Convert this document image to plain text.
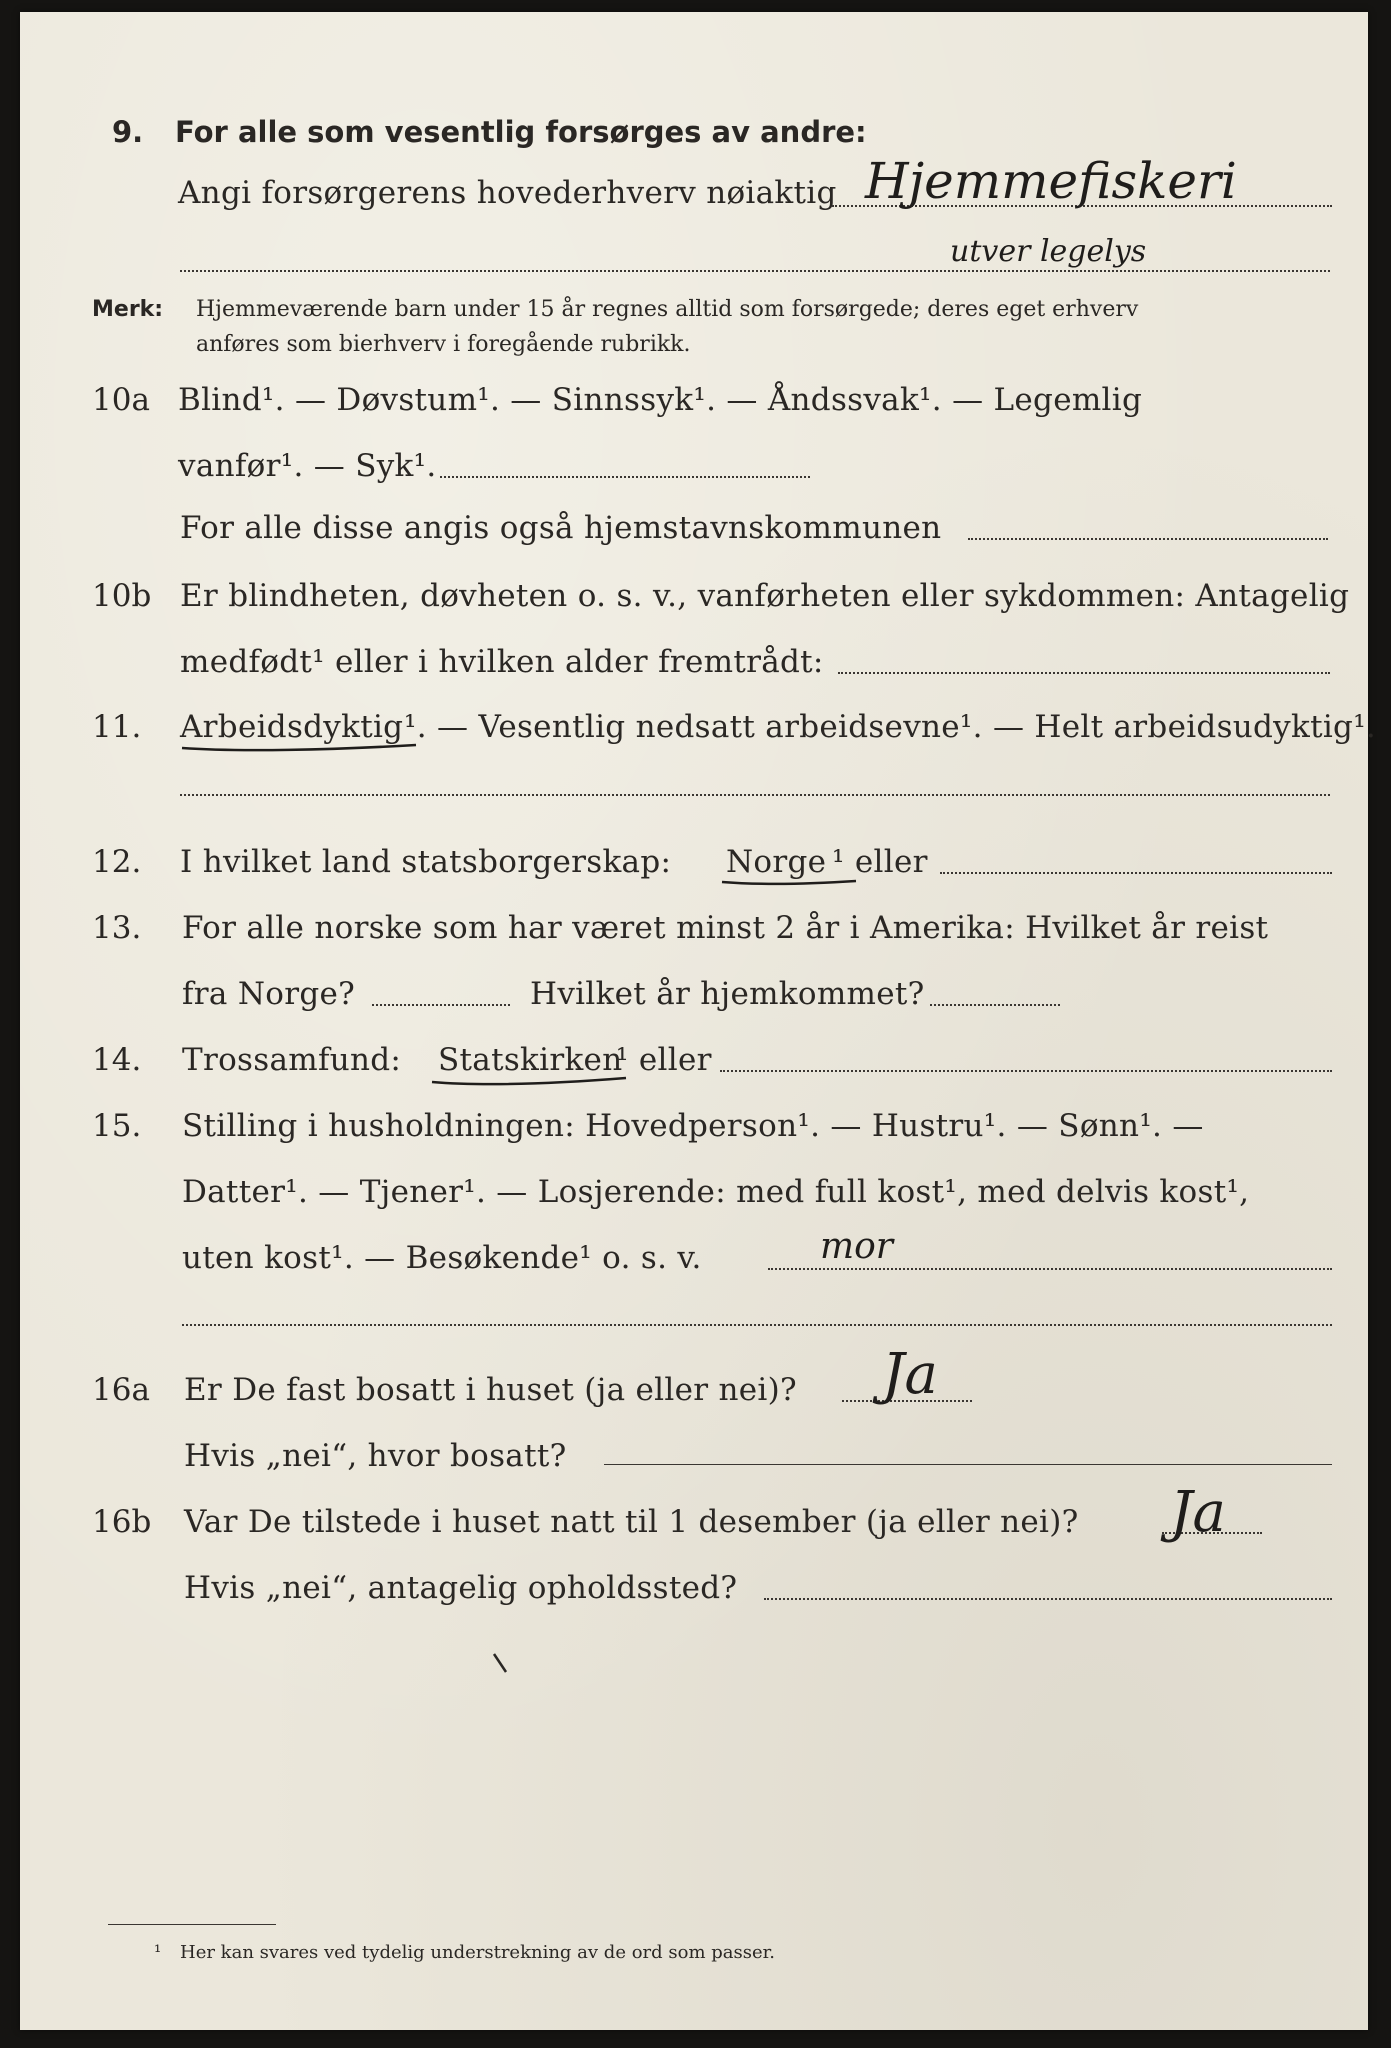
9. For alle som vesentlig forsørges av andre:
Angi forsørgerens hovederhverv nøiaktig Hjemmefiskeri
utver legelys
Merk: Hjemmeværende barn under 15 år regnes alltid som forsørgede; deres eget erhverv
anføres som bierhverv i foregående rubrikk.
10a Blind¹. — Døvstum¹. — Sinnssyk¹. — Åndssvak¹. — Legemlig
vanfør¹. — Syk¹.
For alle disse angis også hjemstavnskommunen
10b Er blindheten, døvheten o. s. v., vanførheten eller sykdommen: Antagelig
medfødt¹ eller i hvilken alder fremtrådt:
11. Arbeidsdyktig ¹. — Vesentlig nedsatt arbeidsevne¹. — Helt arbeidsudyktig¹.
12. I hvilket land statsborgerskap: Norge ¹ eller
13. For alle norske som har været minst 2 år i Amerika: Hvilket år reist
fra Norge?	Hvilket år hjemkommet?
14. Trossamfund: Statskirken
¹ eller
15. Stilling i husholdningen: Hovedperson¹. — Hustru¹. — Sønn¹. —
Datter¹. — Tjener¹. — Losjerende: med full kost¹, med delvis kost¹,
uten kost¹. — Besøkende¹ o. s. v.	mor
16a Er De fast bosatt i huset (ja eller nei)? Ja
Hvis „nei“, hvor bosatt?
16b Var De tilstede i huset natt til 1 desember (ja eller nei)? Ja
Hvis „nei“, antagelig opholdssted?
¹ Her kan svares ved tydelig understrekning av de ord som passer.
